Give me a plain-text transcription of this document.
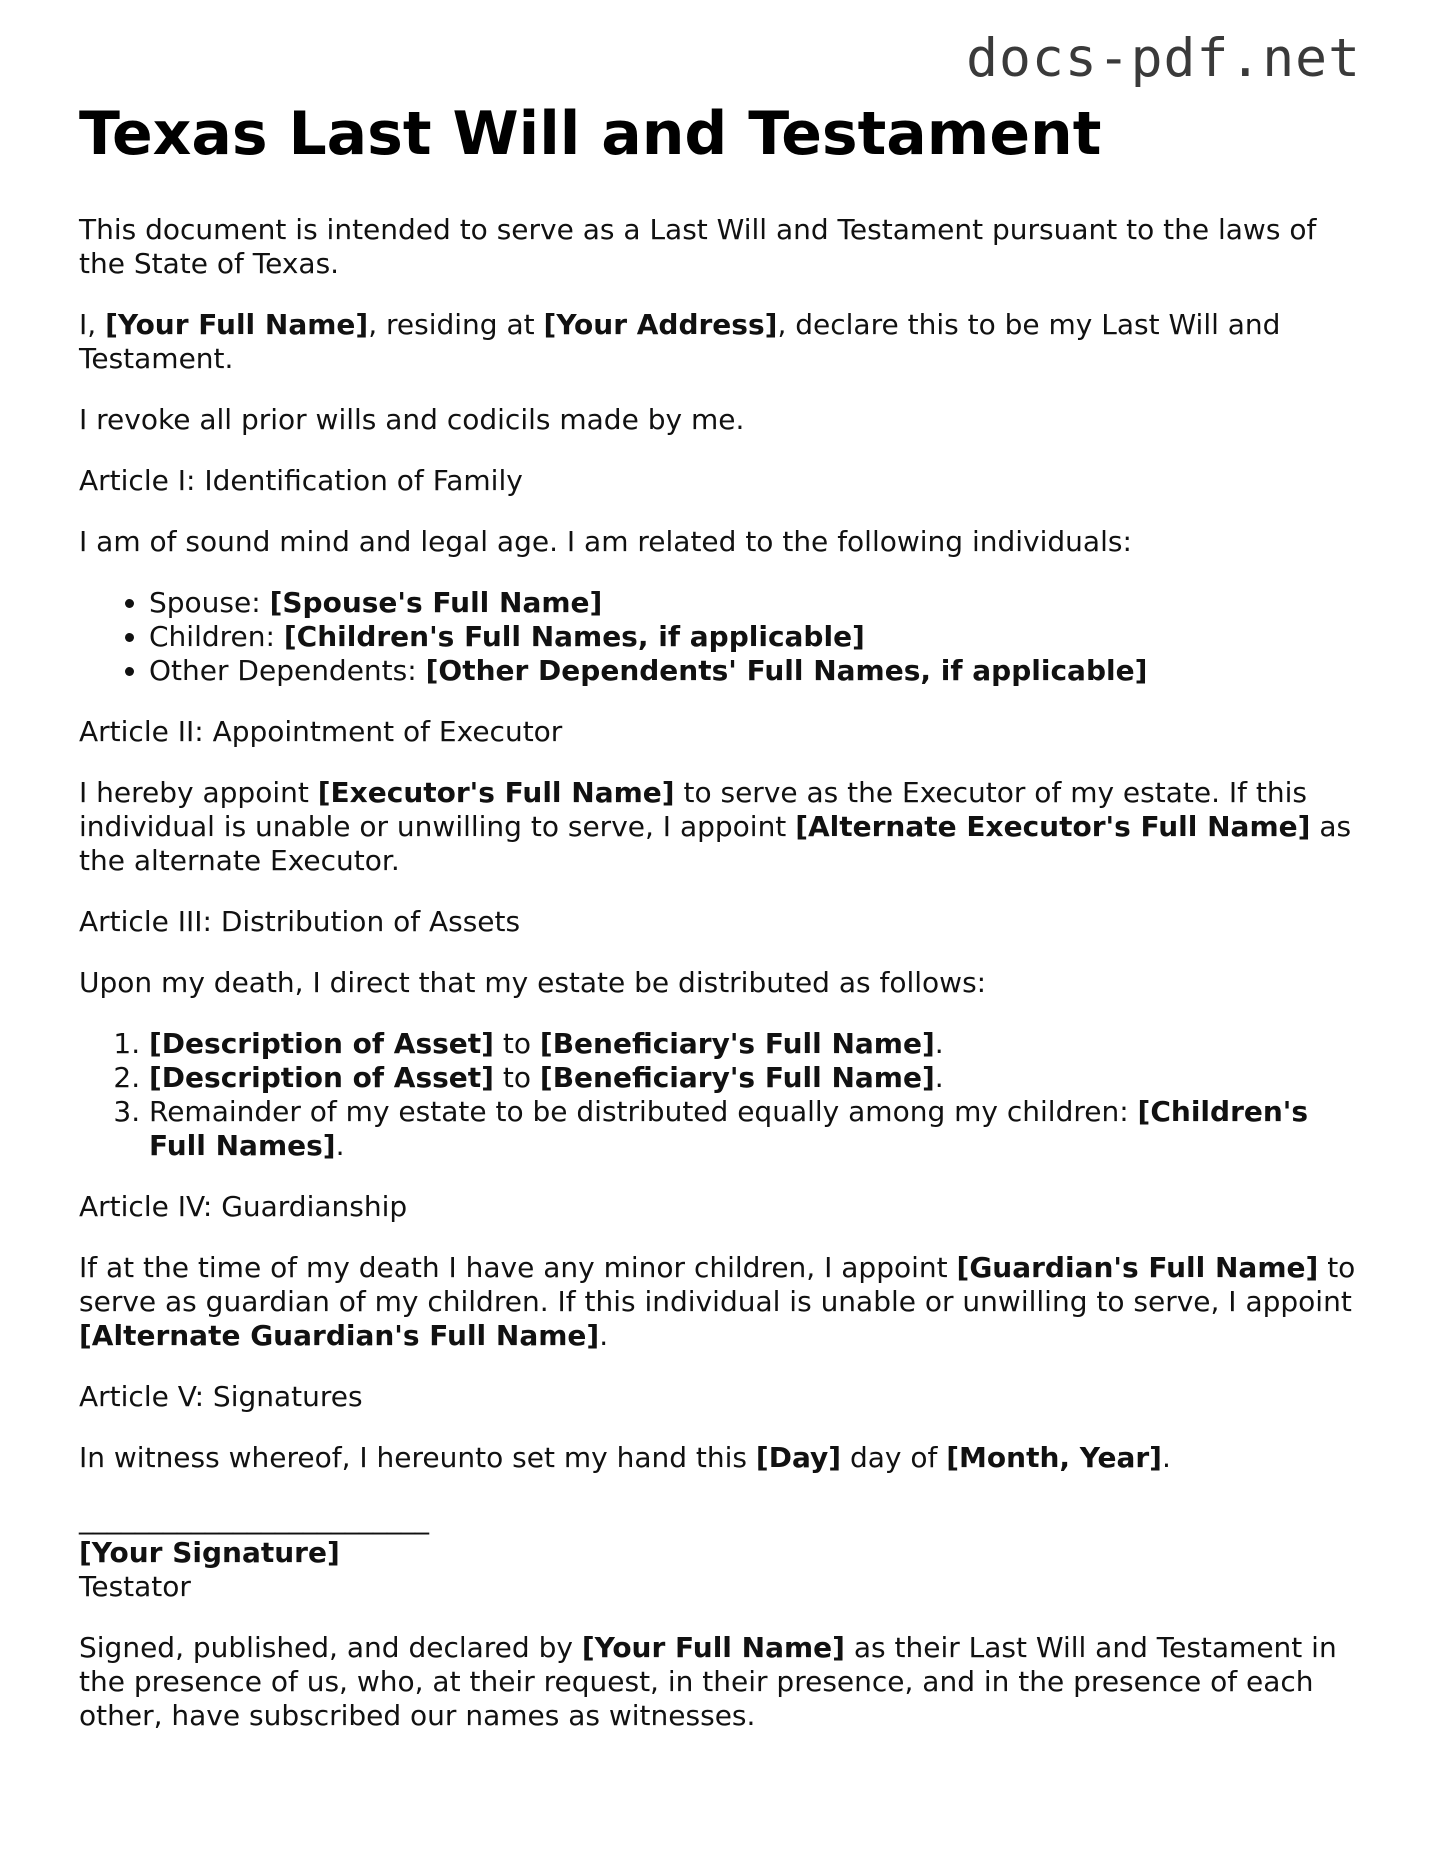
docs-pdf.net

Texas Last Will and Testament

This document is intended to serve as a Last Will and Testament pursuant to the laws of the State of Texas.

I, [Your Full Name], residing at [Your Address], declare this to be my Last Will and Testament.

I revoke all prior wills and codicils made by me.

Article I: Identification of Family

I am of sound mind and legal age. I am related to the following individuals:

• Spouse: [Spouse's Full Name]
• Children: [Children's Full Names, if applicable]
• Other Dependents: [Other Dependents' Full Names, if applicable]

Article II: Appointment of Executor

I hereby appoint [Executor's Full Name] to serve as the Executor of my estate. If this individual is unable or unwilling to serve, I appoint [Alternate Executor's Full Name] as the alternate Executor.

Article III: Distribution of Assets

Upon my death, I direct that my estate be distributed as follows:

1. [Description of Asset] to [Beneficiary's Full Name].
2. [Description of Asset] to [Beneficiary's Full Name].
3. Remainder of my estate to be distributed equally among my children: [Children's Full Names].

Article IV: Guardianship

If at the time of my death I have any minor children, I appoint [Guardian's Full Name] to serve as guardian of my children. If this individual is unable or unwilling to serve, I appoint [Alternate Guardian's Full Name].

Article V: Signatures

In witness whereof, I hereunto set my hand this [Day] day of [Month, Year].

_________________________

[Your Signature]

Testator

Signed, published, and declared by [Your Full Name] as their Last Will and Testament in the presence of us, who, at their request, in their presence, and in the presence of each other, have subscribed our names as witnesses.
